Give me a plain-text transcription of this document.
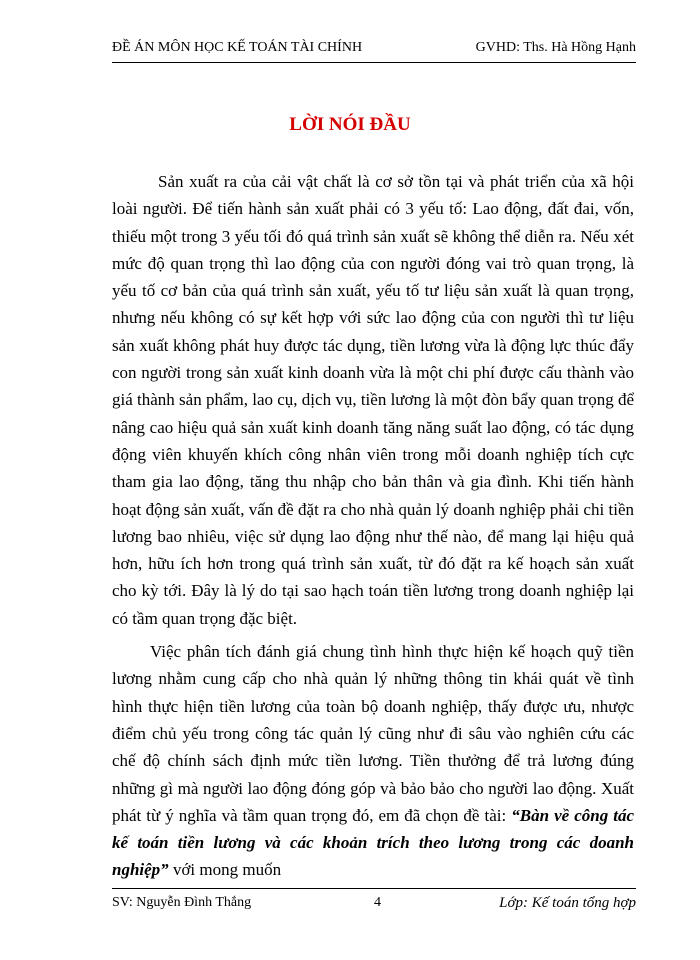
ĐỀ ÁN MÔN HỌC KẾ TOÁN TÀI CHÍNH	GVHD: Ths. Hà Hồng Hạnh
LỜI NÓI ĐẦU

Sản xuất ra của cải vật chất là cơ sở tồn tại và phát triển của xã hội loài người. Để tiến hành sản xuất phải có 3 yếu tố: Lao động, đất đai, vốn, thiếu một trong 3 yếu tối đó quá trình sản xuất sẽ không thể diễn ra. Nếu xét mức độ quan trọng thì lao động của con người đóng vai trò quan trọng, là yếu tố cơ bản của quá trình sản xuất, yếu tố tư liệu sản xuất là quan trọng, nhưng nếu không có sự kết hợp với sức lao động của con người thì tư liệu sản xuất không phát huy được tác dụng, tiền lương vừa là động lực thúc đẩy con người trong sản xuất kinh doanh vừa là một chi phí được cấu thành vào giá thành sản phẩm, lao cụ, dịch vụ, tiền lương là một đòn bẩy quan trọng để nâng cao hiệu quả sản xuất kinh doanh tăng năng suất lao động, có tác dụng động viên khuyến khích công nhân viên trong mỗi doanh nghiệp tích cực tham gia lao động, tăng thu nhập cho bản thân và gia đình. Khi tiến hành hoạt động sản xuất, vấn đề đặt ra cho nhà quản lý doanh nghiệp phải chi tiền lương bao nhiêu, việc sử dụng lao động như thế nào, để mang lại hiệu quả hơn, hữu ích hơn trong quá trình sản xuất, từ đó đặt ra kế hoạch sản xuất cho kỳ tới. Đây là lý do tại sao hạch toán tiền lương trong doanh nghiệp lại có tầm quan trọng đặc biệt.

Việc phân tích đánh giá chung tình hình thực hiện kế hoạch quỹ tiền lương nhằm cung cấp cho nhà quản lý những thông tin khái quát về tình hình thực hiện tiền lương của toàn bộ doanh nghiệp, thấy được ưu, nhược điểm chủ yếu trong công tác quản lý cũng như đi sâu vào nghiên cứu các chế độ chính sách định mức tiền lương. Tiền thưởng để trả lương đúng những gì mà người lao động đóng góp và bảo bảo cho người lao động. Xuất phát từ ý nghĩa và tầm quan trọng đó, em đã chọn đề tài: “Bàn về công tác kế toán tiền lương và các khoản trích theo lương trong các doanh nghiệp” với mong muốn

SV: Nguyễn Đình Thắng	4	Lớp: Kế toán tổng hợp
